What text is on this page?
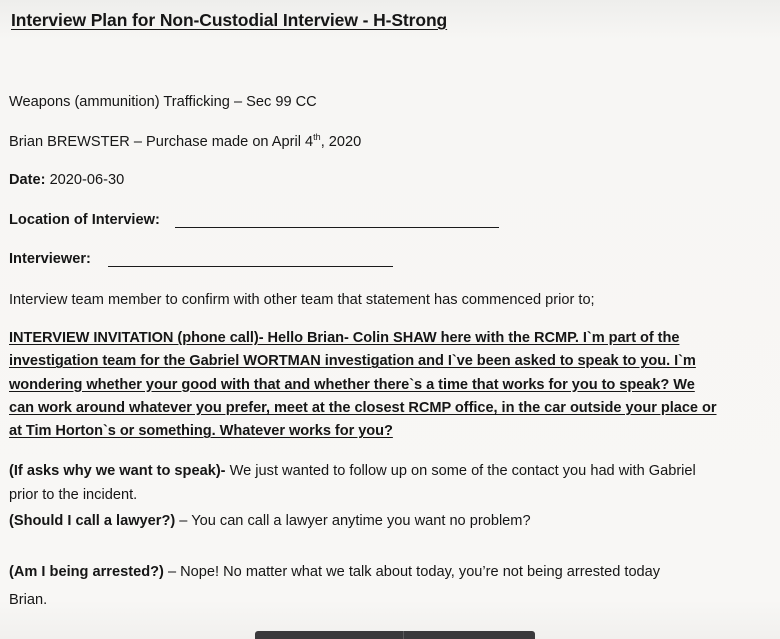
Interview Plan for Non-Custodial Interview - H-Strong
Weapons (ammunition) Trafficking – Sec 99 CC
Brian BREWSTER – Purchase made on April 4th, 2020
Date: 2020-06-30
Location of Interview:
Interviewer:
Interview team member to confirm with other team that statement has commenced prior to;
INTERVIEW INVITATION (phone call)- Hello Brian- Colin SHAW here with the RCMP. I`m part of the
investigation team for the Gabriel WORTMAN investigation and I`ve been asked to speak to you. I`m
wondering whether your good with that and whether there`s a time that works for you to speak? We
can work around whatever you prefer, meet at the closest RCMP office, in the car outside your place or
at Tim Horton`s or something. Whatever works for you?
(If asks why we want to speak)- We just wanted to follow up on some of the contact you had with Gabriel
prior to the incident.
(Should I call a lawyer?) – You can call a lawyer anytime you want no problem?
(Am I being arrested?) – Nope! No matter what we talk about today, you’re not being arrested today
Brian.
